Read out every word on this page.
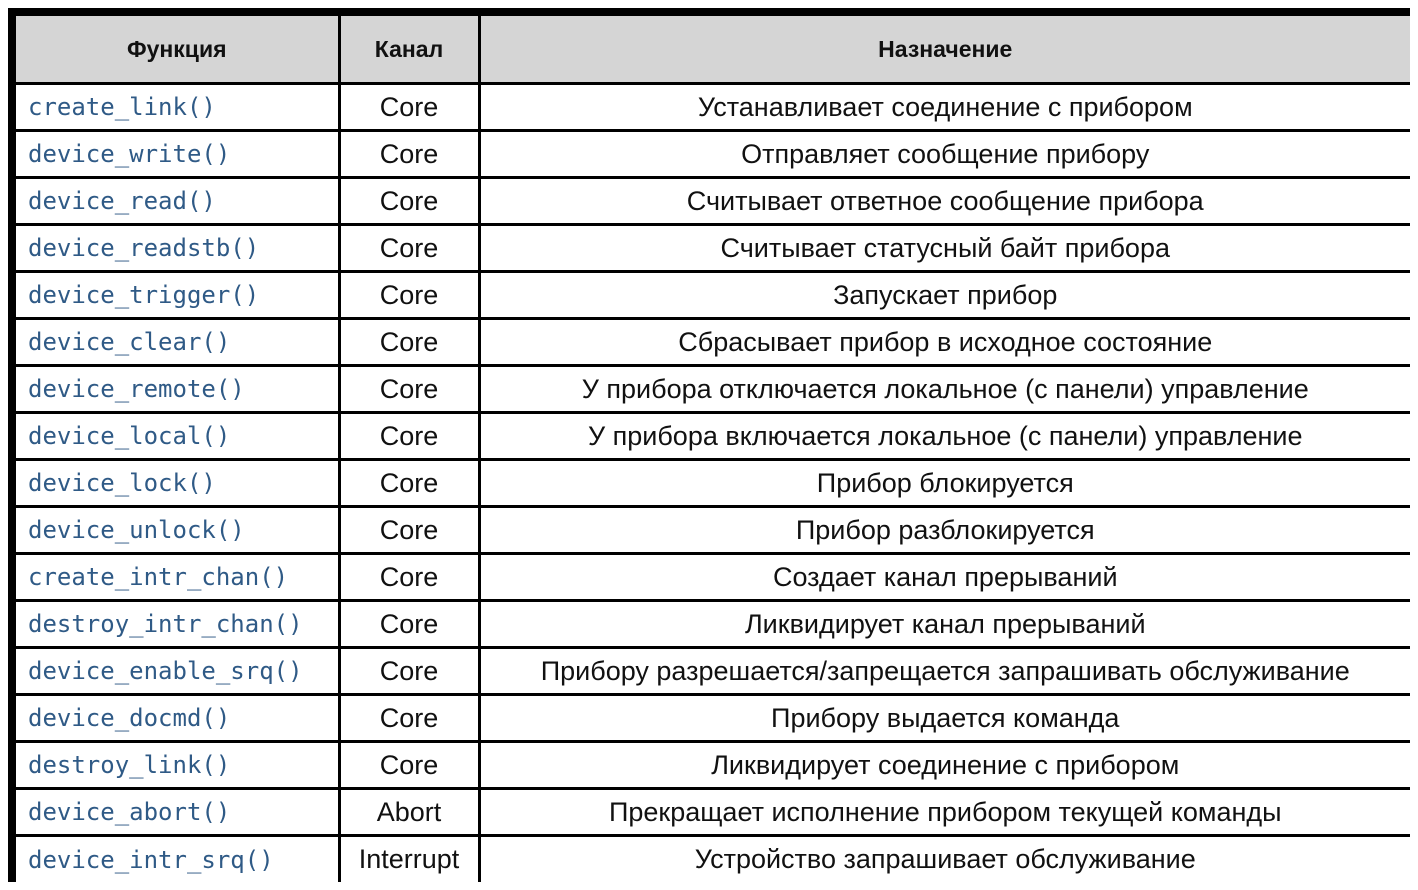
Функция	Канал	Назначение
create_link()	Core	Устанавливает соединение с прибором
device_write()	Core	Отправляет сообщение прибору
device_read()	Core	Считывает ответное сообщение прибора
device_readstb()	Core	Считывает статусный байт прибора
device_trigger()	Core	Запускает прибор
device_clear()	Core	Сбрасывает прибор в исходное состояние
device_remote()	Core	У прибора отключается локальное (с панели) управление
device_local()	Core	У прибора включается локальное (с панели) управление
device_lock()	Core	Прибор блокируется
device_unlock()	Core	Прибор разблокируется
create_intr_chan()	Core	Создает канал прерываний
destroy_intr_chan()	Core	Ликвидирует канал прерываний
device_enable_srq()	Core	Прибору разрешается/запрещается запрашивать обслуживание
device_docmd()	Core	Прибору выдается команда
destroy_link()	Core	Ликвидирует соединение с прибором
device_abort()	Abort	Прекращает исполнение прибором текущей команды
device_intr_srq()	Interrupt	Устройство запрашивает обслуживание
